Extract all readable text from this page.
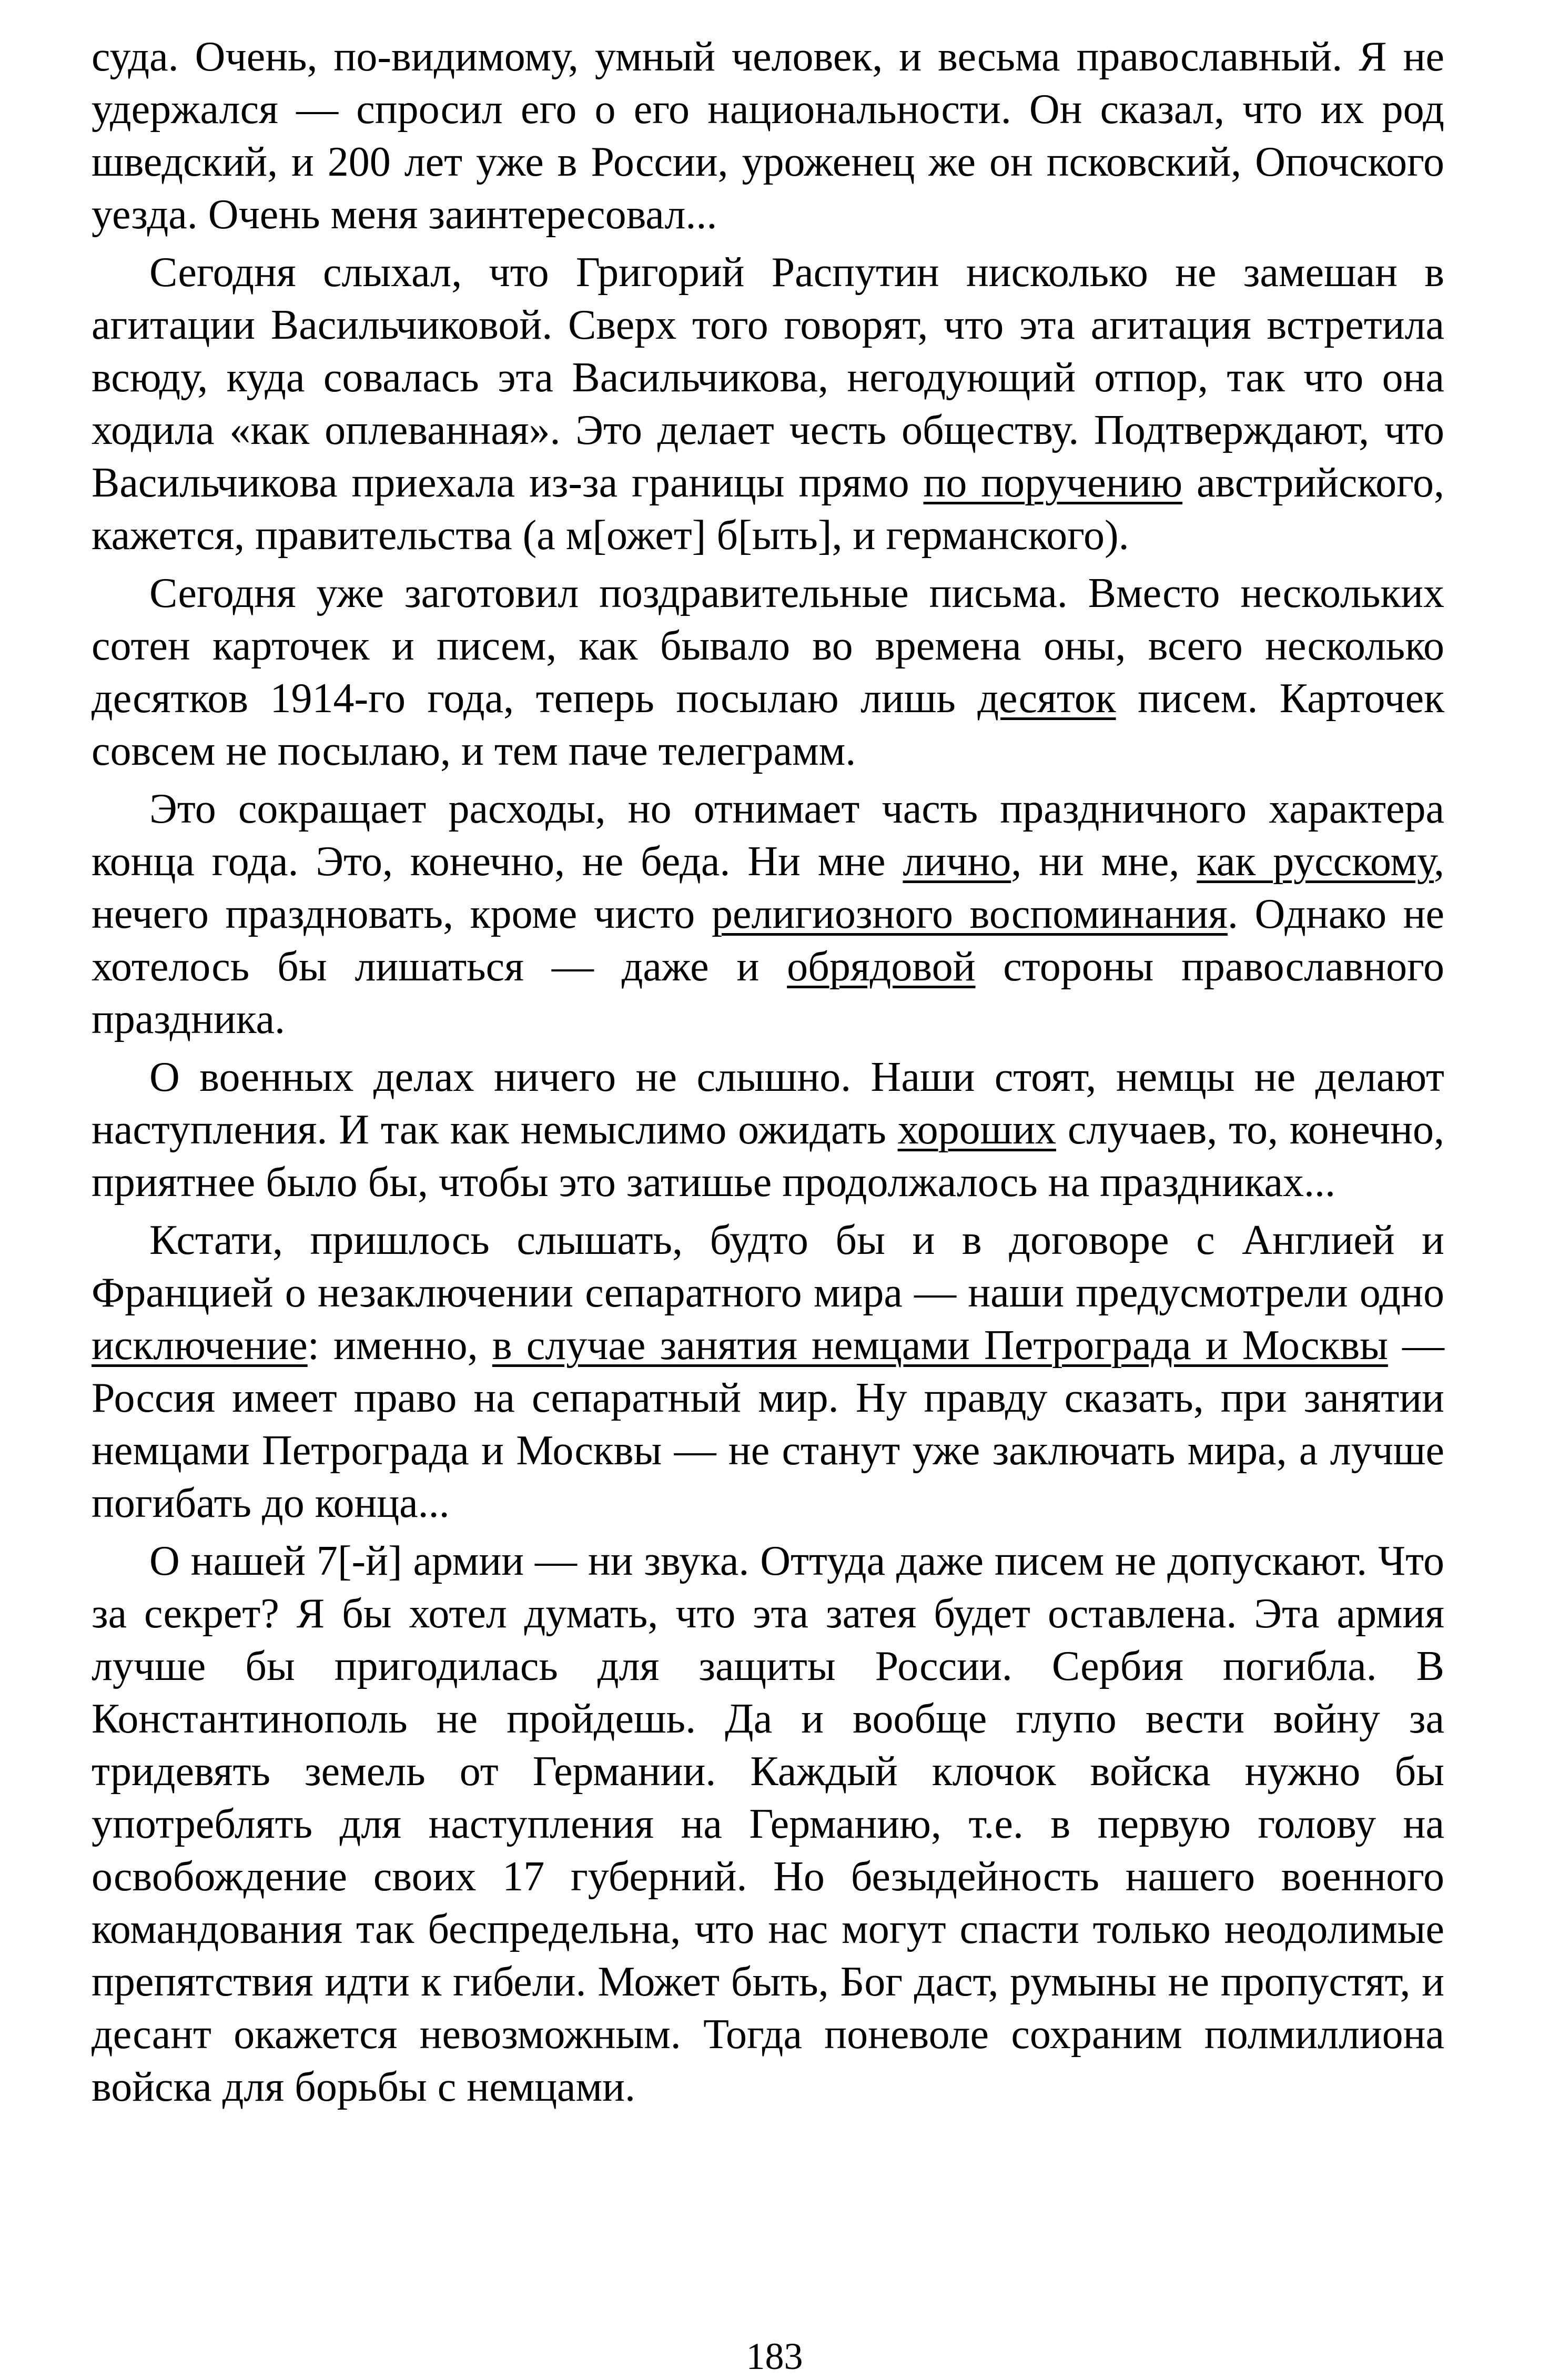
суда. Очень, по-видимому, умный человек, и весьма православный. Я не удержался — спросил его о его национальности. Он сказал, что их род шведский, и 200 лет уже в России, уроженец же он псковский, Опочского уезда. Очень меня заинтересовал...

Сегодня слыхал, что Григорий Распутин нисколько не замешан в агитации Васильчиковой. Сверх того говорят, что эта агитация встретила всюду, куда совалась эта Васильчикова, негодующий отпор, так что она ходила «как оплеванная». Это делает честь обществу. Подтверждают, что Васильчикова приехала из-за границы прямо по поручению австрийского, кажется, правительства (а м[ожет] б[ыть], и германского).

Сегодня уже заготовил поздравительные письма. Вместо нескольких сотен карточек и писем, как бывало во времена оны, всего несколько десятков 1914-го года, теперь посылаю лишь десяток писем. Карточек совсем не посылаю, и тем паче телеграмм.

Это сокращает расходы, но отнимает часть праздничного характера конца года. Это, конечно, не беда. Ни мне лично, ни мне, как русскому, нечего праздновать, кроме чисто религиозного воспоминания. Однако не хотелось бы лишаться — даже и обрядовой стороны православного праздника.

О военных делах ничего не слышно. Наши стоят, немцы не делают наступления. И так как немыслимо ожидать хороших случаев, то, конечно, приятнее было бы, чтобы это затишье продолжалось на праздниках...

Кстати, пришлось слышать, будто бы и в договоре с Англией и Францией о незаключении сепаратного мира — наши предусмотрели одно исключение: именно, в случае занятия немцами Петрограда и Москвы — Россия имеет право на сепаратный мир. Ну правду сказать, при занятии немцами Петрограда и Москвы — не станут уже заключать мира, а лучше погибать до конца...

О нашей 7[-й] армии — ни звука. Оттуда даже писем не допускают. Что за секрет? Я бы хотел думать, что эта затея будет оставлена. Эта армия лучше бы пригодилась для защиты России. Сербия погибла. В Константинополь не пройдешь. Да и вообще глупо вести войну за тридевять земель от Германии. Каждый клочок войска нужно бы употреблять для наступления на Германию, т.е. в первую голову на освобождение своих 17 губерний. Но безыдейность нашего военного командования так беспредельна, что нас могут спасти только неодолимые препятствия идти к гибели. Может быть, Бог даст, румыны не пропустят, и десант окажется невозможным. Тогда поневоле сохраним полмиллиона войска для борьбы с немцами.

183
